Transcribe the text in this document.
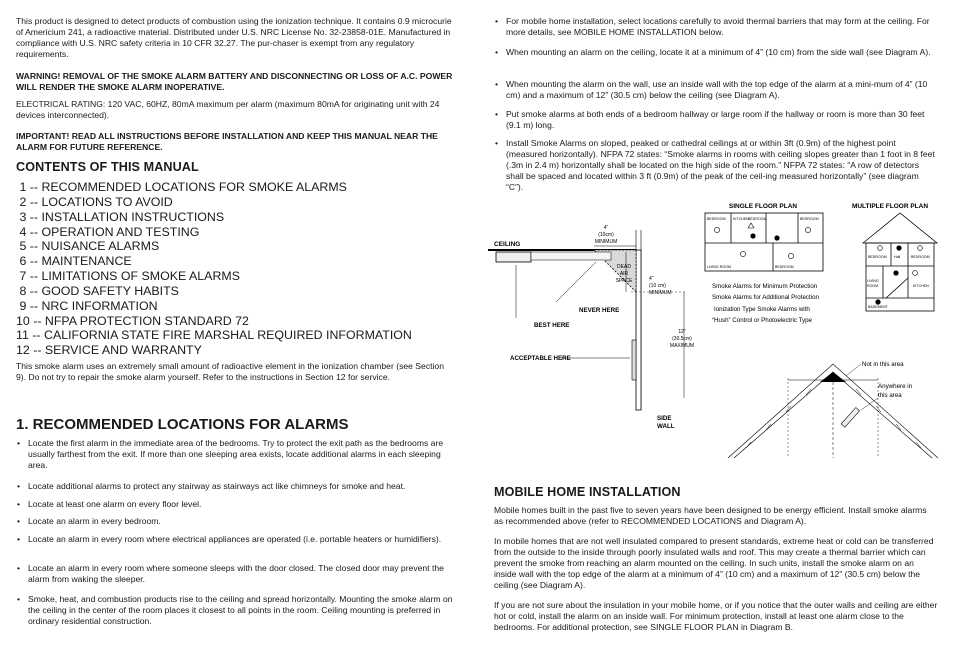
This product is designed to detect products of combustion using the ionization technique. It contains 0.9 microcurie of Americium 241, a radioactive material. Distributed under U.S. NRC License No. 32-23858-01E. Manufactured in compliance with U.S. NRC safety criteria in 10 CFR 32.27. The pur-chaser is exempt from any regulatory requirements.

WARNING! REMOVAL OF THE SMOKE ALARM BATTERY AND DISCONNECTING OR LOSS OF A.C. POWER WILL RENDER THE SMOKE ALARM INOPERATIVE.

ELECTRICAL RATING: 120 VAC, 60HZ, 80mA maximum per alarm (maximum 80mA for originating unit with 24 devices interconnected).

IMPORTANT! READ ALL INSTRUCTIONS BEFORE INSTALLATION AND KEEP THIS MANUAL NEAR THE ALARM FOR FUTURE REFERENCE.

CONTENTS OF THIS MANUAL
1 -- RECOMMENDED LOCATIONS FOR SMOKE ALARMS
2 -- LOCATIONS TO AVOID
3 -- INSTALLATION INSTRUCTIONS
4 -- OPERATION AND TESTING
5 -- NUISANCE ALARMS
6 -- MAINTENANCE
7 -- LIMITATIONS OF SMOKE ALARMS
8 -- GOOD SAFETY HABITS
9 -- NRC INFORMATION
10 -- NFPA PROTECTION STANDARD 72
11 -- CALIFORNIA STATE FIRE MARSHAL REQUIRED INFORMATION
12 -- SERVICE AND WARRANTY

This smoke alarm uses an extremely small amount of radioactive element in the ionization chamber (see Section 9). Do not try to repair the smoke alarm yourself. Refer to the instructions in Section 12 for service.

1. RECOMMENDED LOCATIONS FOR ALARMS
• Locate the first alarm in the immediate area of the bedrooms. Try to protect the exit path as the bedrooms are usually farthest from the exit. If more than one sleeping area exists, locate additional alarms in each sleeping area.
• Locate additional alarms to protect any stairway as stairways act like chimneys for smoke and heat.
• Locate at least one alarm on every floor level.
• Locate an alarm in every bedroom.
• Locate an alarm in every room where electrical appliances are operated (i.e. portable heaters or humidifiers).
• Locate an alarm in every room where someone sleeps with the door closed. The closed door may prevent the alarm from waking the sleeper.
• Smoke, heat, and combustion products rise to the ceiling and spread horizontally. Mounting the smoke alarm on the ceiling in the center of the room places it closest to all points in the room. Ceiling mounting is preferred in ordinary residential construction.
• For mobile home installation, select locations carefully to avoid thermal barriers that may form at the ceiling. For more details, see MOBILE HOME INSTALLATION below.
• When mounting an alarm on the ceiling, locate it at a minimum of 4” (10 cm) from the side wall (see Diagram A).
• When mounting the alarm on the wall, use an inside wall with the top edge of the alarm at a mini-mum of 4” (10 cm) and a maximum of 12” (30.5 cm) below the ceiling (see Diagram A).
• Put smoke alarms at both ends of a bedroom hallway or large room if the hallway or room is more than 30 feet (9.1 m) long.
• Install Smoke Alarms on sloped, peaked or cathedral ceilings at or within 3ft (0.9m) of the highest point (measured horizontally). NFPA 72 states: “Smoke alarms in rooms with ceiling slopes greater than 1 foot in 8 feet (.3m in 2.4 m) horizontally shall be located on the high side of the room.” NFPA 72 states: “A row of detectors shall be spaced and located within 3 ft (0.9m) of the peak of the ceil-ing measured horizontally” (see diagram “C”).
MOBILE HOME INSTALLATION

Mobile homes built in the past five to seven years have been designed to be energy efficient. Install smoke alarms as recommended above (refer to RECOMMENDED LOCATIONS and Diagram A).

In mobile homes that are not well insulated compared to present standards, extreme heat or cold can be transferred from the outside to the inside through poorly insulated walls and roof. This may create a thermal barrier which can prevent the smoke from reaching an alarm mounted on the ceiling. In such units, install the smoke alarm on an inside wall with the top edge of the alarm at a minimum of 4” (10 cm) and a maximum of 12” (30.5 cm) below the ceiling (see Diagram A).

If you are not sure about the insulation in your mobile home, or if you notice that the outer walls and ceiling are either hot or cold, install the alarm on an inside wall. For minimum protection, install at least one alarm close to the bedrooms. For additional protection, see SINGLE FLOOR PLAN in Diagram B.

CEILING
4"
(10cm)
MINIMUM
DEAD
AIR
SPACE	4"
(10 cm)
MINIMUM
12"
(30.5cm)
MAXIMUM
NEVER HERE
BEST HERE
ACCEPTABLE HERE
SIDE
WALL
SINGLE FLOOR PLAN	MULTIPLE FLOOR PLAN
BEDROOM KITCHEN BEDROOM	BEDROOM
LIVING ROOM	BEDROOM
Smoke Alarms for Minimum Protection
Smoke Alarms for Additional Protection
Ionization Type Smoke Alarms with
“Hush” Control or Photoelectric Type
BEDROOM Hall	BEDROOM
LIVING
ROOM	KITCHEN
BASEMENT
Not in this area
Anywhere in
this area
